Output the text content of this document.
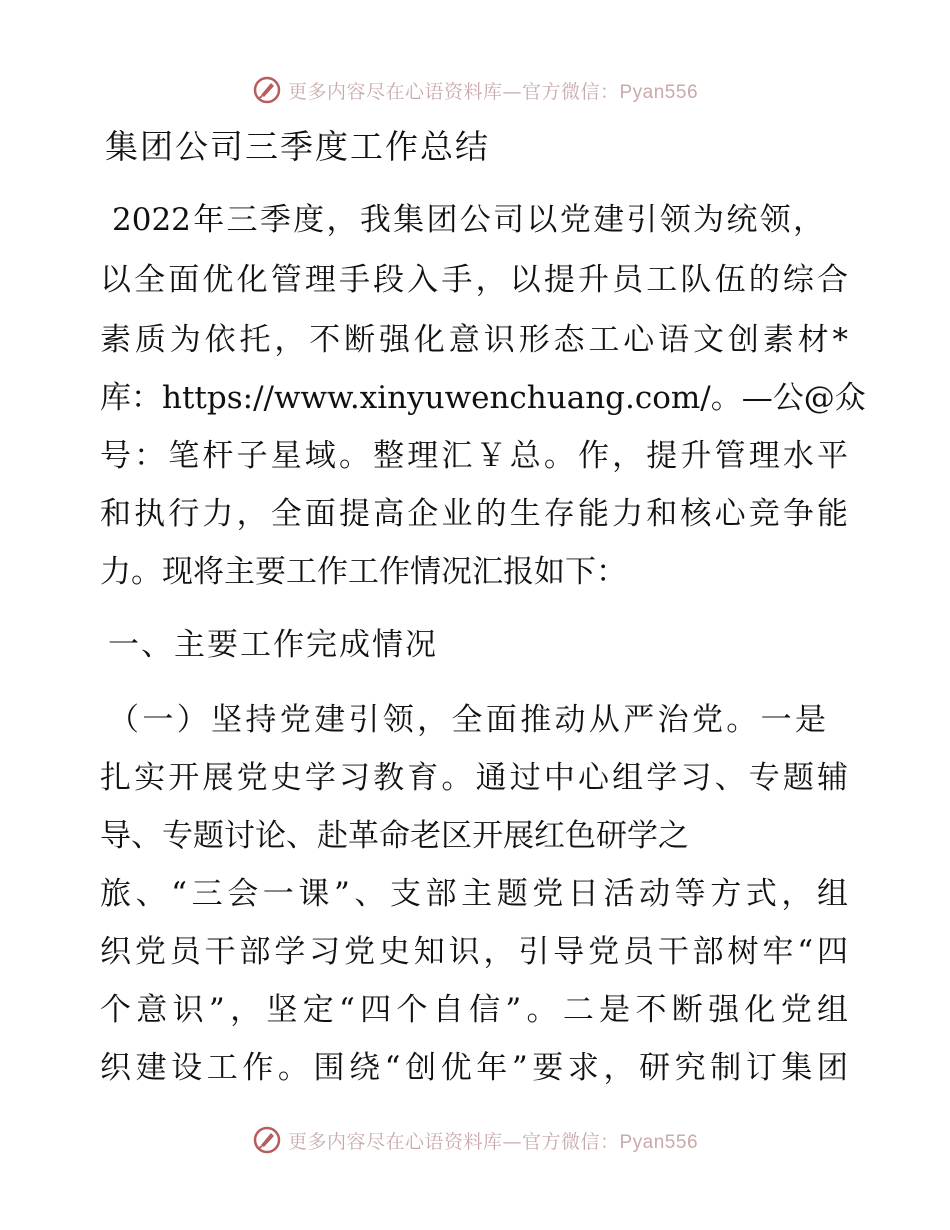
更多内容尽在心语资料库—官方微信：Pyan556
集团公司三季度工作总结
2022年三季度，我集团公司以党建引领为统领，
以全面优化管理手段入手，以提升员工队伍的综合
素质为依托，不断强化意识形态工心语文创素材*
库：https://www.xinyuwenchuang.com/。—公@众
号：笔杆子星域。整理汇￥总。作，提升管理水平
和执行力，全面提高企业的生存能力和核心竞争能
力。现将主要工作工作情况汇报如下：
一、主要工作完成情况
（一）坚持党建引领，全面推动从严治党。一是
扎实开展党史学习教育。通过中心组学习、专题辅
导、专题讨论、赴革命老区开展红色研学之
旅、“三会一课”、支部主题党日活动等方式，组
织党员干部学习党史知识，引导党员干部树牢“四
个意识”，坚定“四个自信”。二是不断强化党组
织建设工作。围绕“创优年”要求，研究制订集团
更多内容尽在心语资料库—官方微信：Pyan556
